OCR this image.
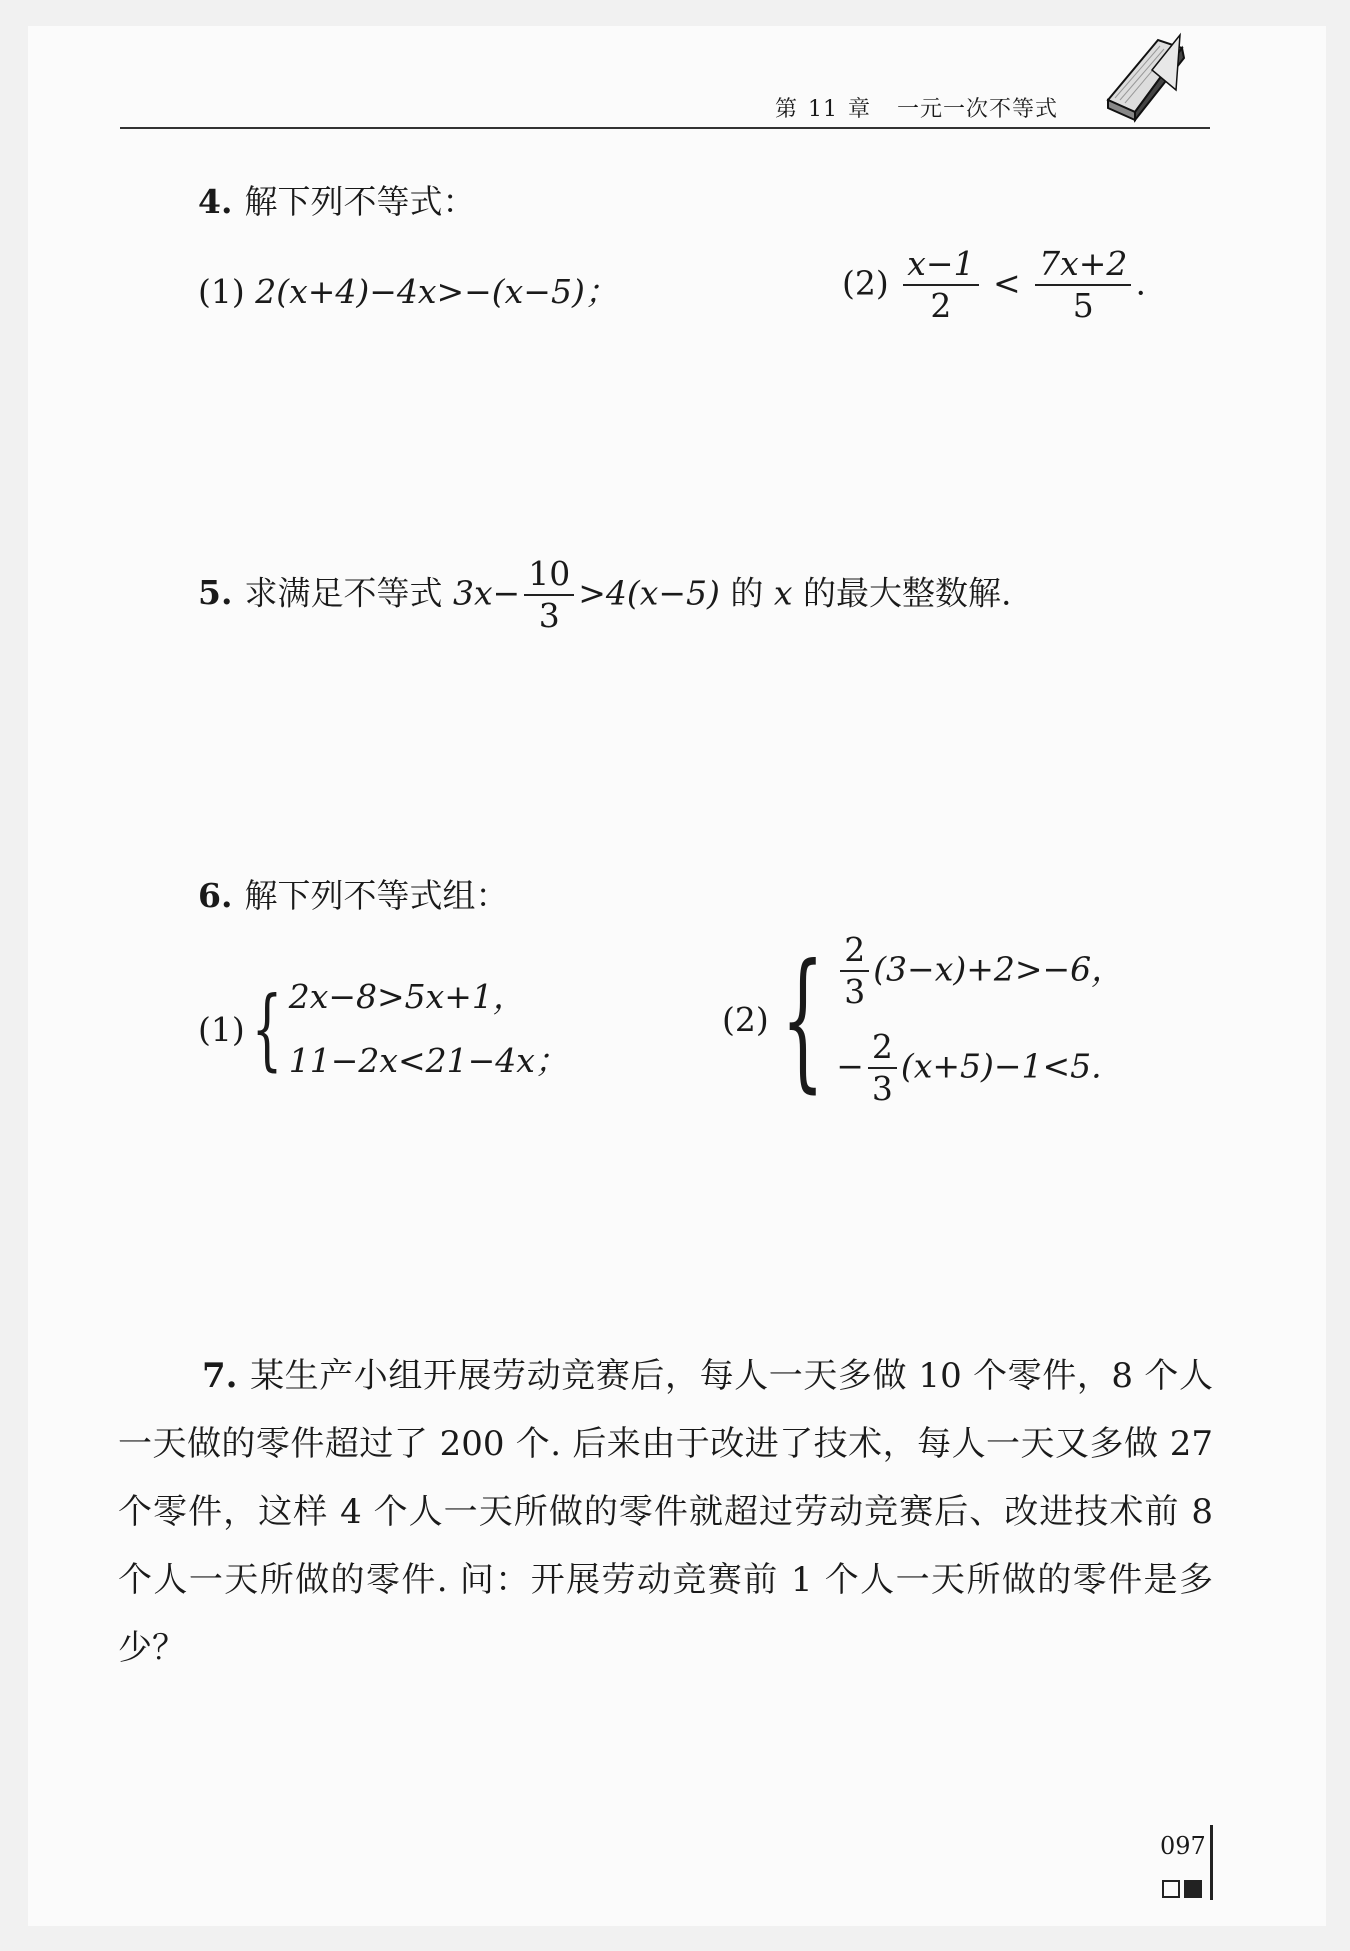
第 11 章 一元一次不等式
4. 解下列不等式：
(1) 2(x+4)−4x>−(x−5)；	$(2) \frac{x-1}{2} < \frac{7x+2}{5}$ .
5. 求满足不等式 $3x- \frac{10}{3} >4(x-5)$ 的 x 的最大整数解.
6. 解下列不等式组：
(1) { 2x−8>5x+1，
11−2x<21−4x；
(2) { $\frac{2}{3} (3-x)+2>-6$，
− $\frac{2}{3} (x+5)-1<5$.
7. 某生产小组开展劳动竞赛后，每人一天多做 10 个零件，8 个人一天做的零件超过了 200 个. 后来由于改进了技术，每人一天又多做 27 个零件，这样 4 个人一天所做的零件就超过劳动竞赛后、改进技术前 8 个人一天所做的零件. 问：开展劳动竞赛前 1 个人一天所做的零件是多少？
097
